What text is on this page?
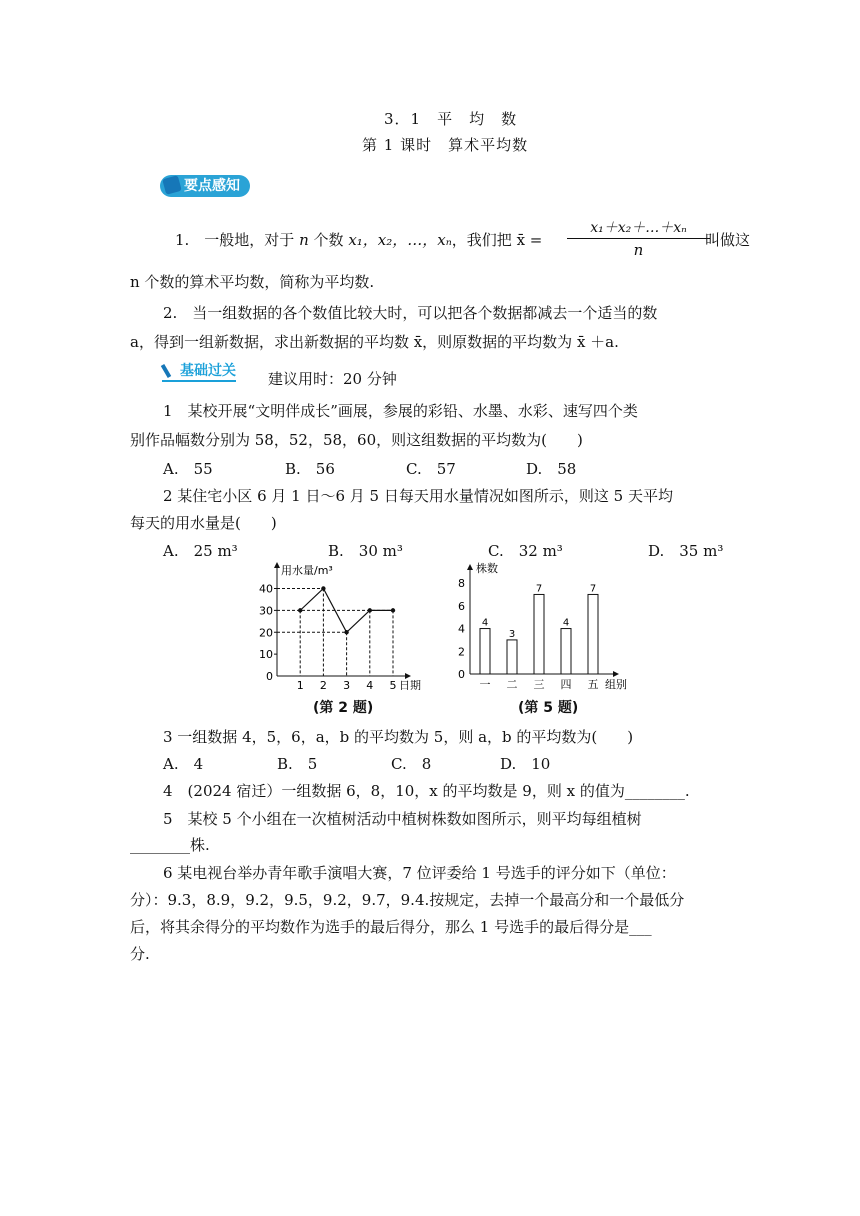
3．1　平　均　数
第 1 课时　算术平均数
要点感知
1.　一般地，对于 n 个数 x₁，x₂，…，xₙ，我们把 x̄ = $\frac{\text{x₁＋x₂＋…＋xₙ}}{n}$
叫做这
n 个数的算术平均数，简称为平均数.
2.　当一组数据的各个数值比较大时，可以把各个数据都减去一个适当的数
a，得到一组新数据，求出新数据的平均数 x̄，则原数据的平均数为 x̄ ＋a.
基础过关 建议用时：20 分钟
1　某校开展“文明伴成长”画展，参展的彩铅、水墨、水彩、速写四个类
别作品幅数分别为 58，52，58，60，则这组数据的平均数为(　　)
A.　55	B.　56	C.　57	D.　58
2 某住宅小区 6 月 1 日～6 月 5 日每天用水量情况如图所示，则这 5 天平均
每天的用水量是(　　)
A.　25 m³	B.　30 m³	C.　32 m³	D.　35 m³
用水量/m³
日期
0
10
20
30
40
1 2 3 4 5
(第 2 题)
株数
组别
0
2
4
6
8
4
一
3
二
7
三
4
四
7
五
(第 5 题)
3 一组数据 4，5，6，a，b 的平均数为 5，则 a，b 的平均数为(　　)
A.　4	B.　5	C.　8	D.　10
4　(2024 宿迁）一组数据 6，8，10，x 的平均数是 9，则 x 的值为________.
5　某校 5 个小组在一次植树活动中植树株数如图所示，则平均每组植树
________株.
6 某电视台举办青年歌手演唱大赛，7 位评委给 1 号选手的评分如下（单位：
分）：9.3，8.9，9.2，9.5，9.2，9.7，9.4.按规定，去掉一个最高分和一个最低分
后，将其余得分的平均数作为选手的最后得分，那么 1 号选手的最后得分是___
分.
